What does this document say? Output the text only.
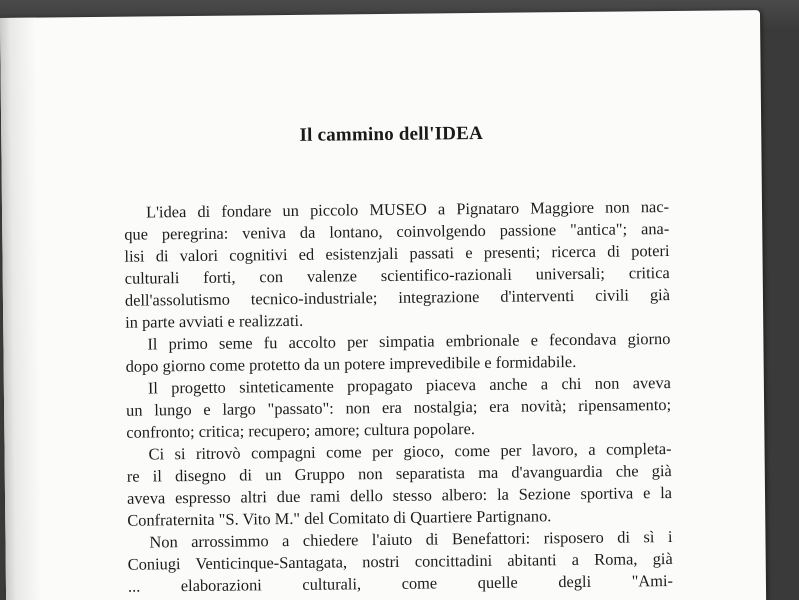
Il cammino dell'IDEA
L'idea di fondare un piccolo MUSEO a Pignataro Maggiore non nac-
que peregrina: veniva da lontano, coinvolgendo passione "antica"; ana-
lisi di valori cognitivi ed esistenzjali passati e presenti; ricerca di poteri
culturali forti, con valenze scientifico-razionali universali; critica
dell'assolutismo tecnico-industriale; integrazione d'interventi civili già
in parte avviati e realizzati.
Il primo seme fu accolto per simpatia embrionale e fecondava giorno
dopo giorno come protetto da un potere imprevedibile e formidabile.
Il progetto sinteticamente propagato piaceva anche a chi non aveva
un lungo e largo "passato": non era nostalgia; era novità; ripensamento;
confronto; critica; recupero; amore; cultura popolare.
Ci si ritrovò compagni come per gioco, come per lavoro, a completa-
re il disegno di un Gruppo non separatista ma d'avanguardia che già
aveva espresso altri due rami dello stesso albero: la Sezione sportiva e la
Confraternita "S. Vito M." del Comitato di Quartiere Partignano.
Non arrossimmo a chiedere l'aiuto di Benefattori: risposero di sì i
Coniugi Venticinque-Santagata, nostri concittadini abitanti a Roma, già
... elaborazioni culturali, come quelle degli "Ami-
